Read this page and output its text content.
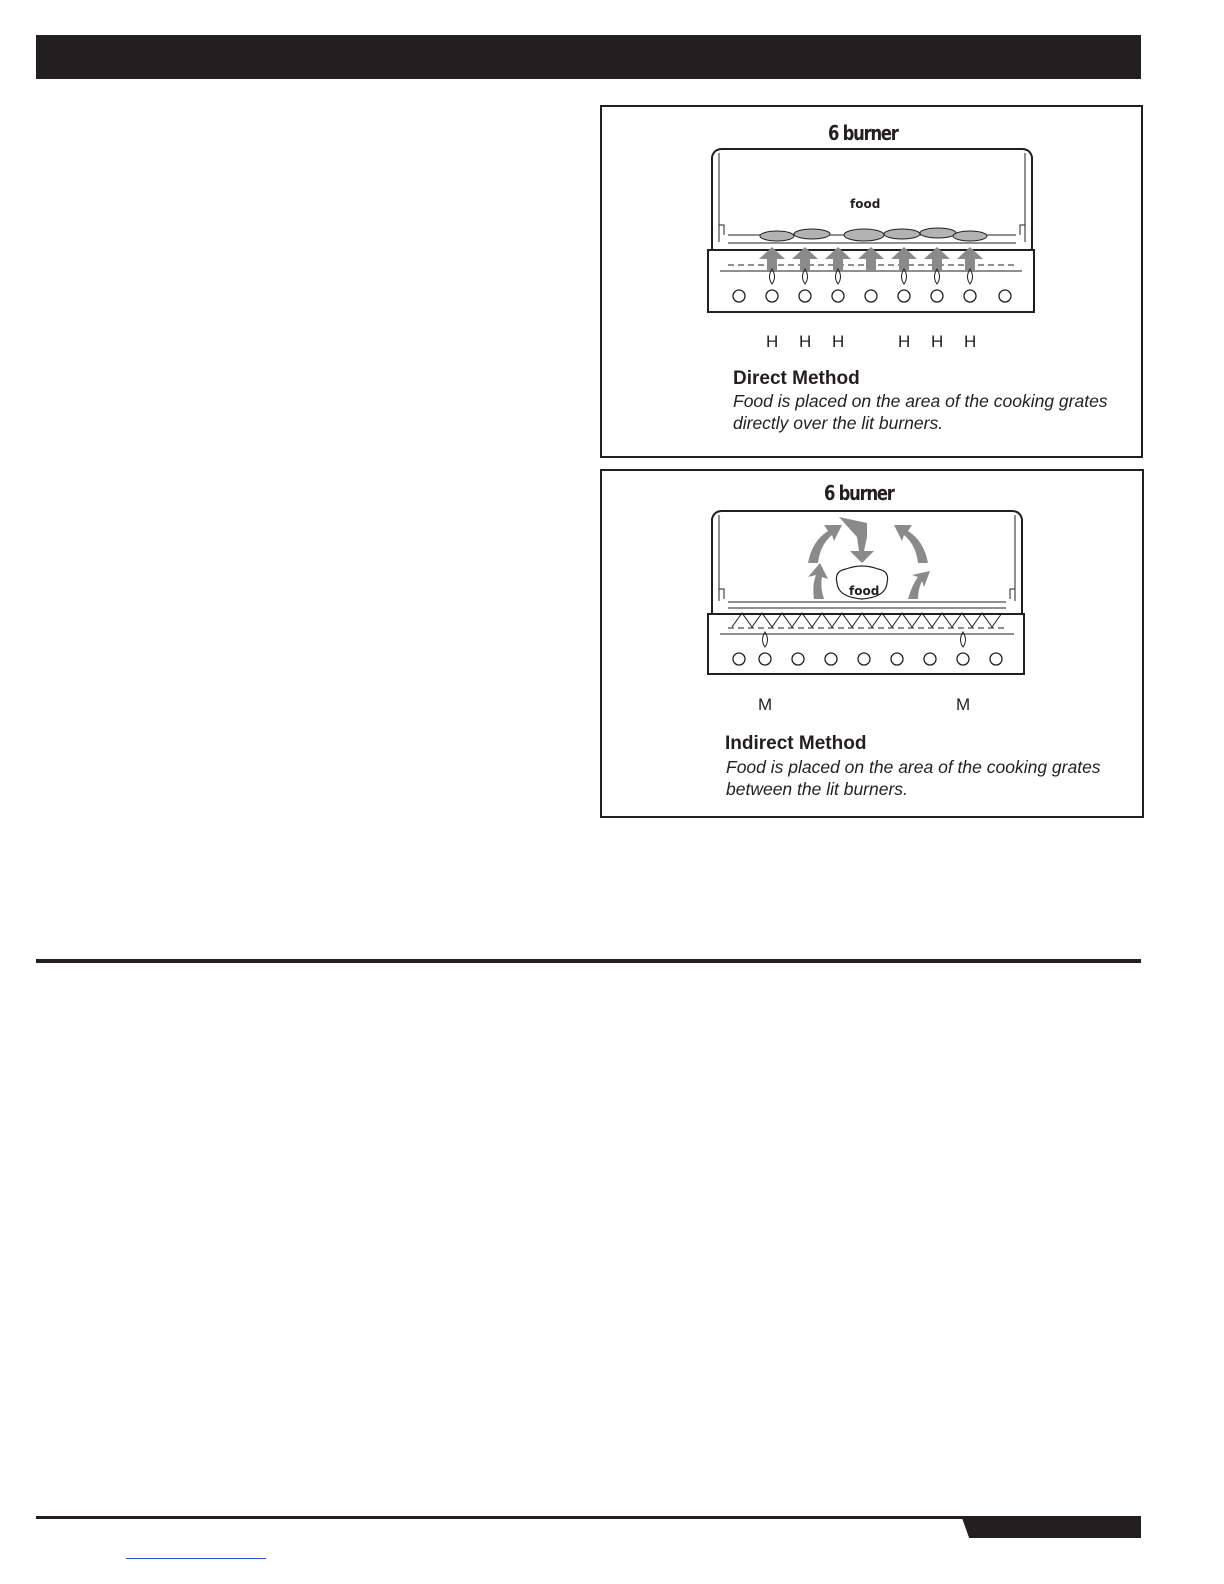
6 burner
food
H H H	H H H
Direct Method
Food is placed on the area of the cooking grates directly over the lit burners.
6 burner
food
M	M
Indirect Method
Food is placed on the area of the cooking grates between the lit burners.
